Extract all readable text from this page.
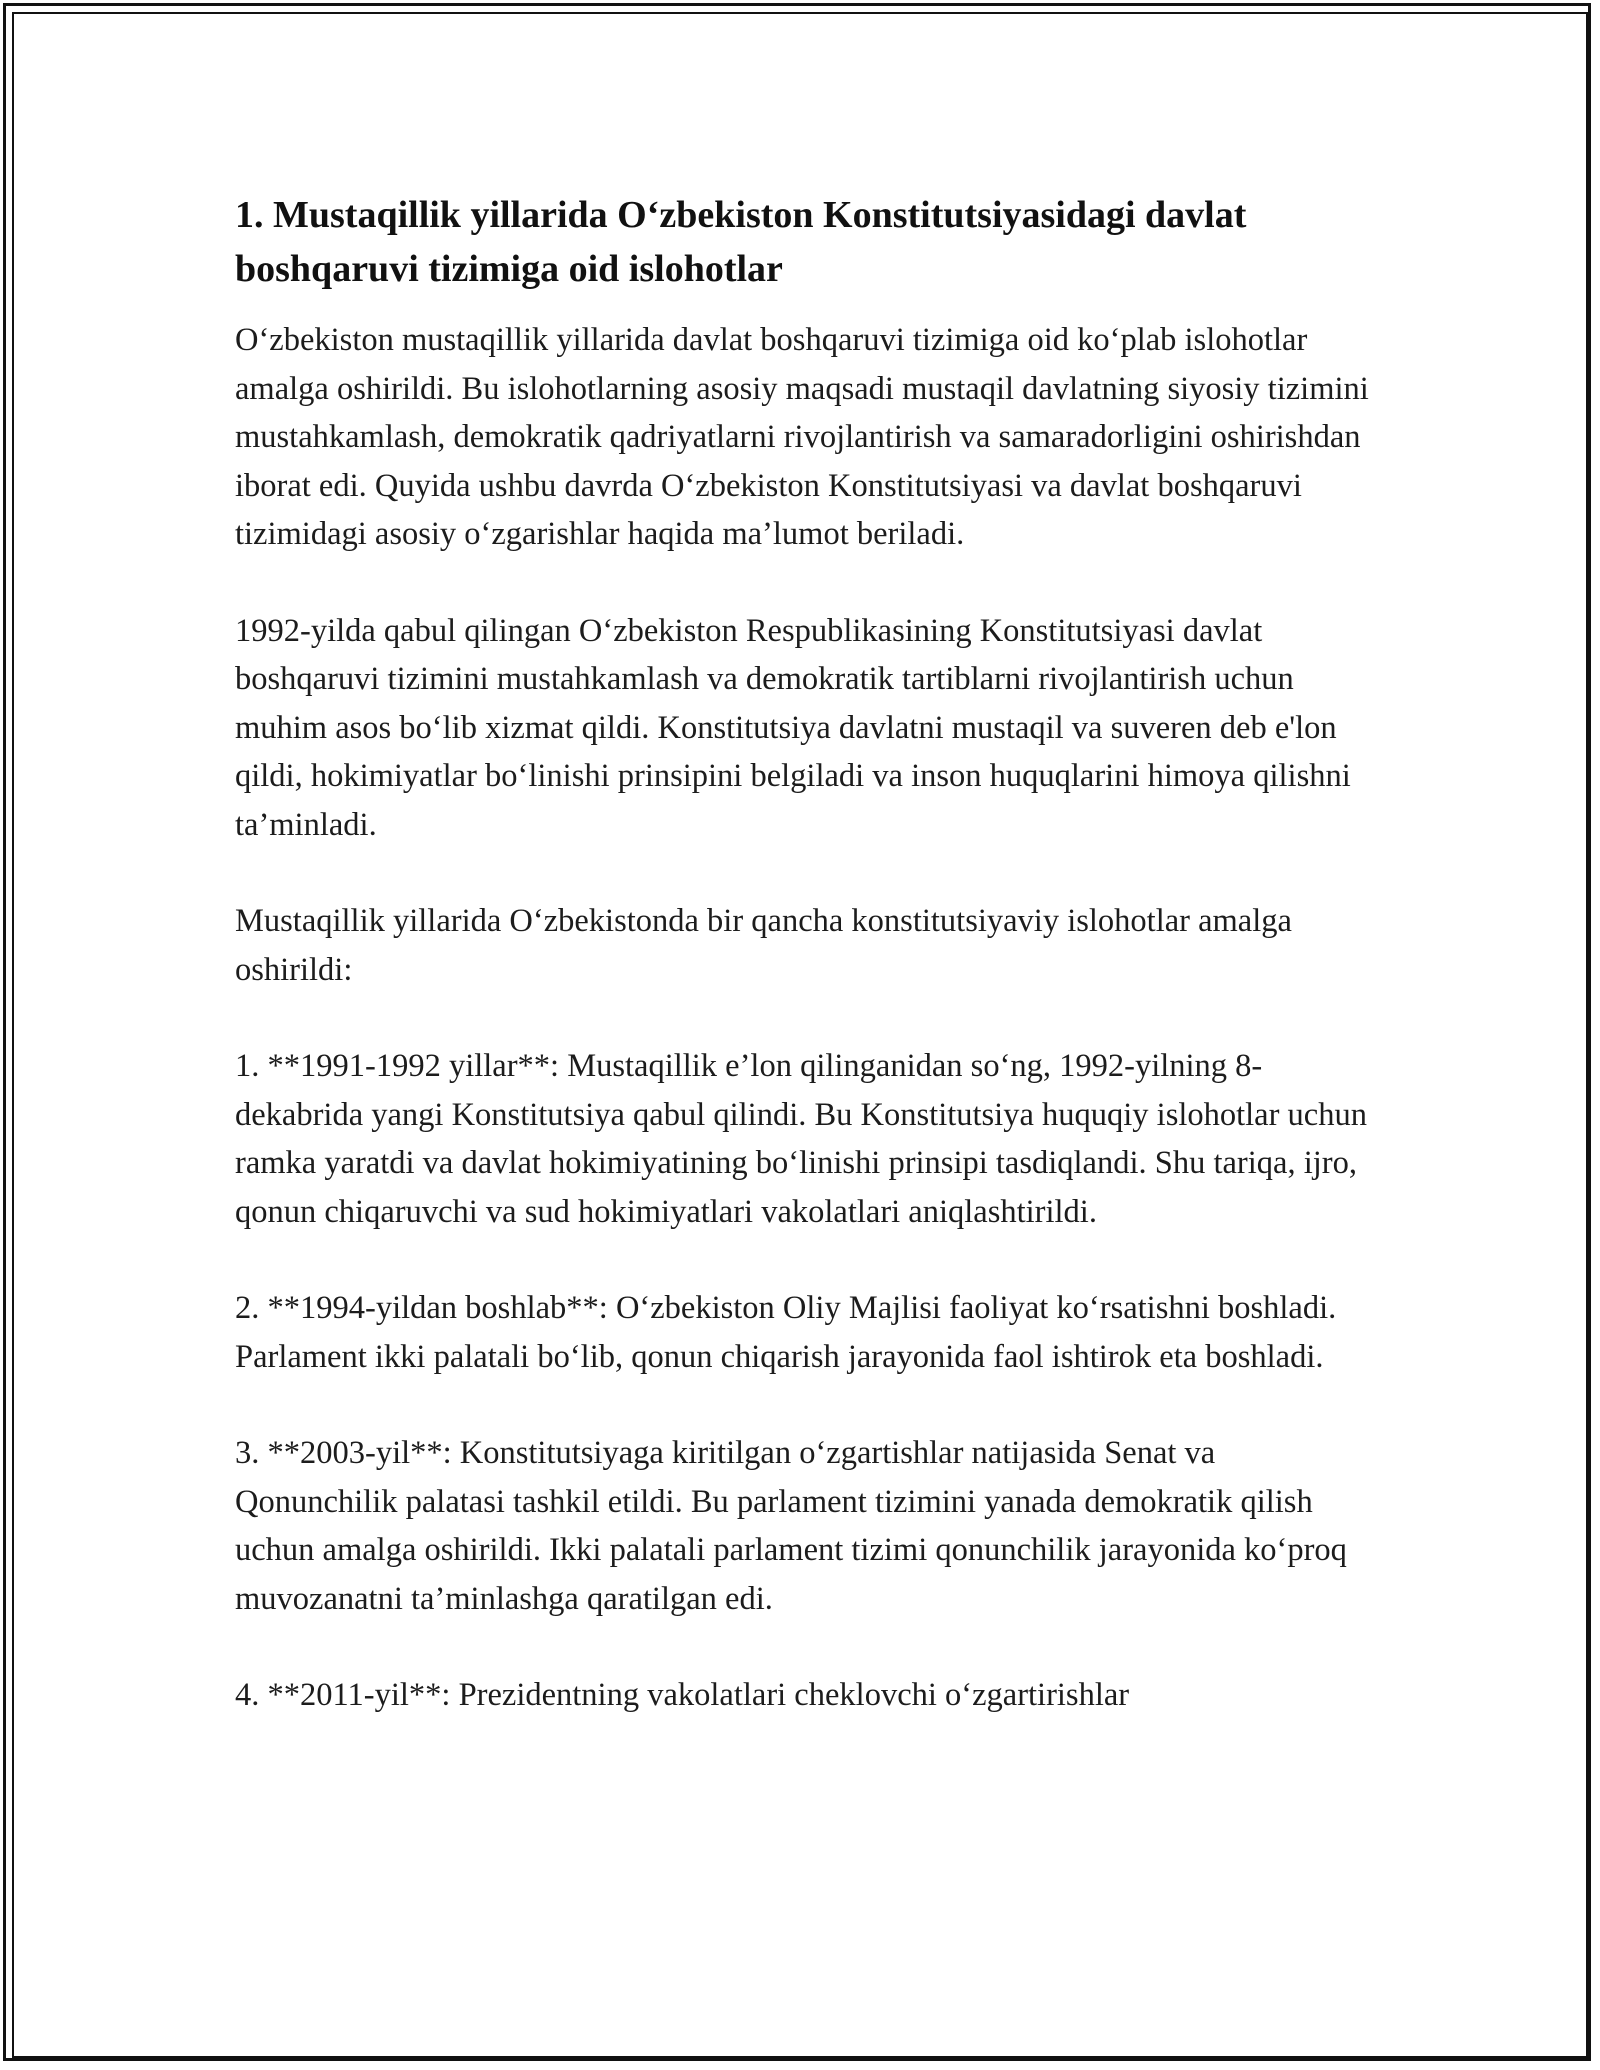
1. Mustaqillik yillarida O‘zbekiston Konstitutsiyasidagi davlat boshqaruvi tizimiga oid islohotlar

O‘zbekiston mustaqillik yillarida davlat boshqaruvi tizimiga oid ko‘plab islohotlar amalga oshirildi. Bu islohotlarning asosiy maqsadi mustaqil davlatning siyosiy tizimini mustahkamlash, demokratik qadriyatlarni rivojlantirish va samaradorligini oshirishdan iborat edi. Quyida ushbu davrda O‘zbekiston Konstitutsiyasi va davlat boshqaruvi tizimidagi asosiy o‘zgarishlar haqida ma’lumot beriladi.

1992-yilda qabul qilingan O‘zbekiston Respublikasining Konstitutsiyasi davlat boshqaruvi tizimini mustahkamlash va demokratik tartiblarni rivojlantirish uchun muhim asos bo‘lib xizmat qildi. Konstitutsiya davlatni mustaqil va suveren deb e'lon qildi, hokimiyatlar bo‘linishi prinsipini belgiladi va inson huquqlarini himoya qilishni ta’minladi.

Mustaqillik yillarida O‘zbekistonda bir qancha konstitutsiyaviy islohotlar amalga oshirildi:

1. **1991-1992 yillar**: Mustaqillik e’lon qilinganidan so‘ng, 1992-yilning 8-dekabrida yangi Konstitutsiya qabul qilindi. Bu Konstitutsiya huquqiy islohotlar uchun ramka yaratdi va davlat hokimiyatining bo‘linishi prinsipi tasdiqlandi. Shu tariqa, ijro, qonun chiqaruvchi va sud hokimiyatlari vakolatlari aniqlashtirildi.

2. **1994-yildan boshlab**: O‘zbekiston Oliy Majlisi faoliyat ko‘rsatishni boshladi. Parlament ikki palatali bo‘lib, qonun chiqarish jarayonida faol ishtirok eta boshladi.

3. **2003-yil**: Konstitutsiyaga kiritilgan o‘zgartishlar natijasida Senat va Qonunchilik palatasi tashkil etildi. Bu parlament tizimini yanada demokratik qilish uchun amalga oshirildi. Ikki palatali parlament tizimi qonunchilik jarayonida ko‘proq muvozanatni ta’minlashga qaratilgan edi.

4. **2011-yil**: Prezidentning vakolatlari cheklovchi o‘zgartirishlar
